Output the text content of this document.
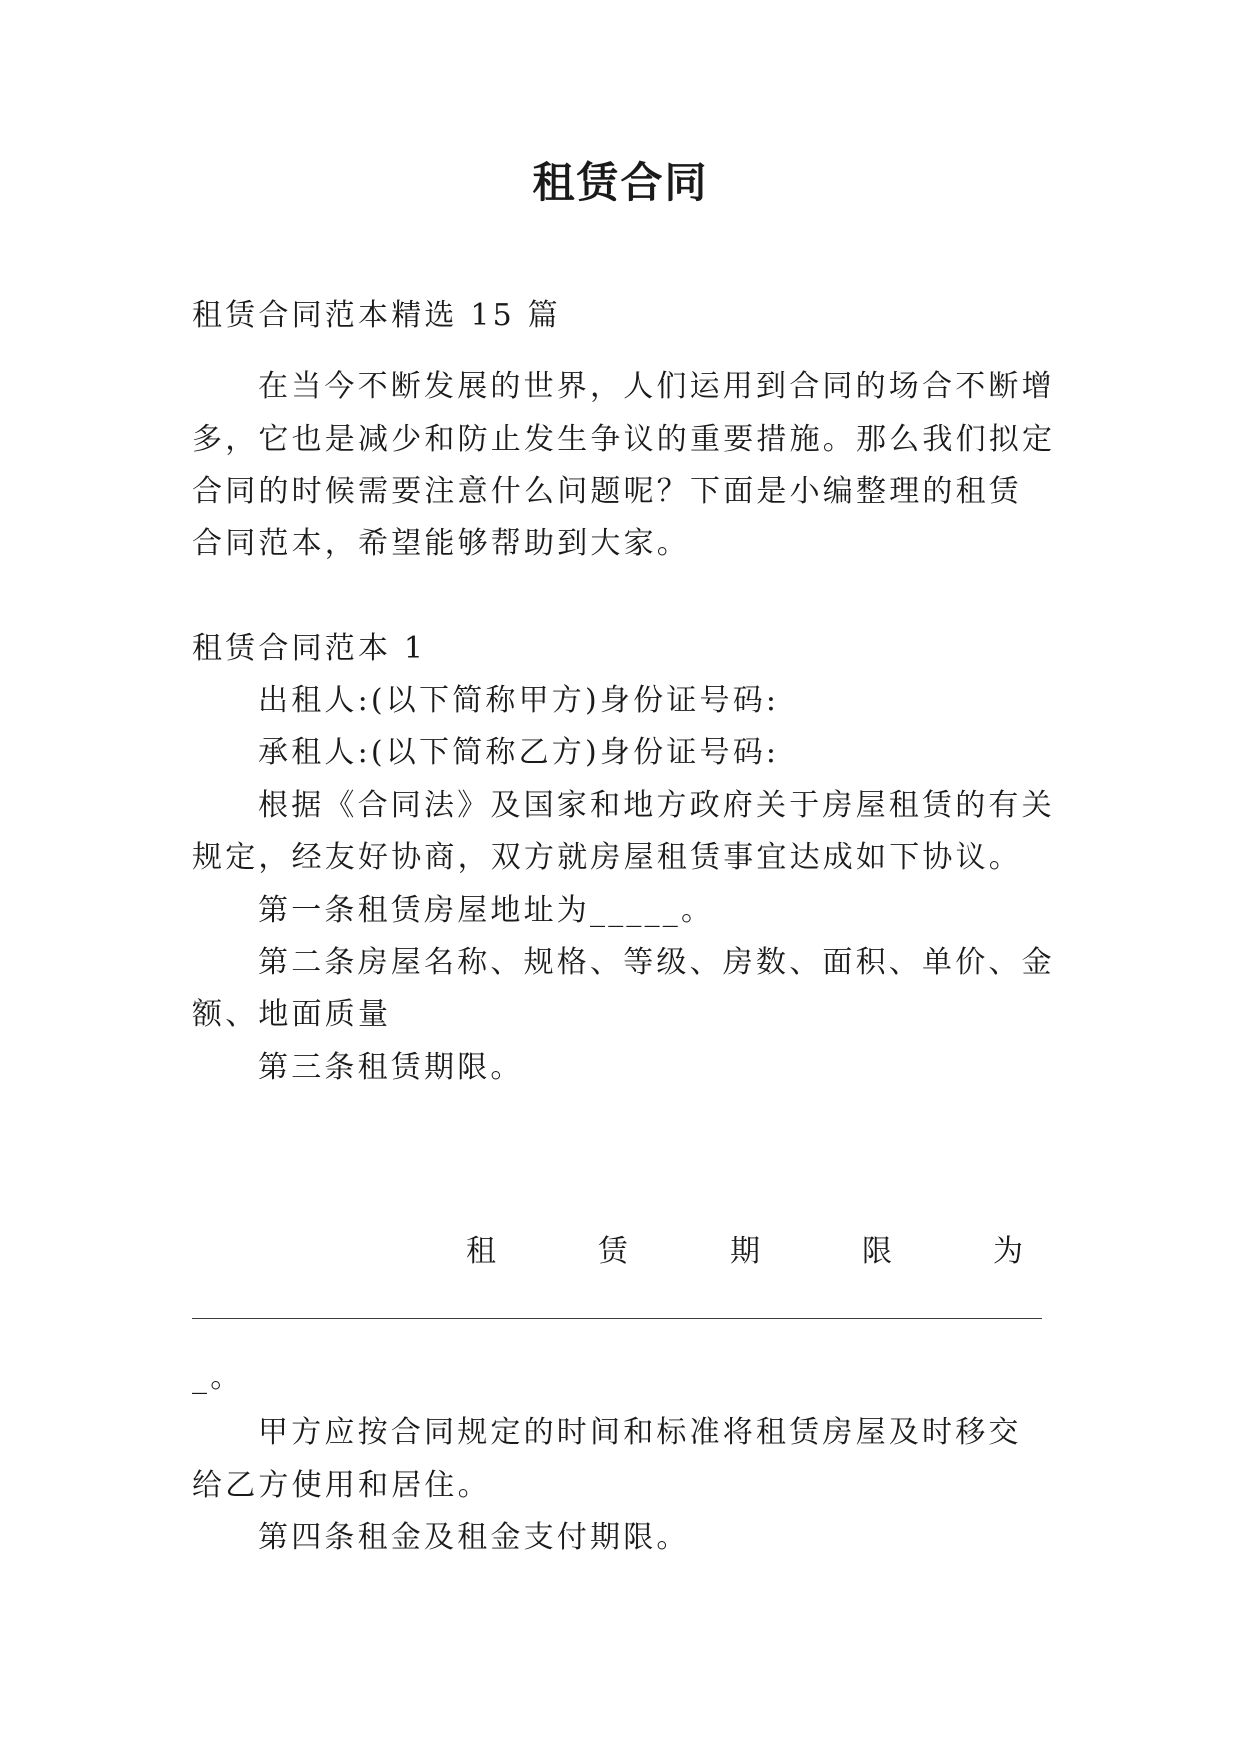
租赁合同
租赁合同范本精选 15 篇
在当今不断发展的世界，人们运用到合同的场合不断增
多，它也是减少和防止发生争议的重要措施。那么我们拟定
合同的时候需要注意什么问题呢？下面是小编整理的租赁
合同范本，希望能够帮助到大家。
租赁合同范本 1
出租人:(以下简称甲方)身份证号码:
承租人:(以下简称乙方)身份证号码:
根据《合同法》及国家和地方政府关于房屋租赁的有关
规定，经友好协商，双方就房屋租赁事宜达成如下协议。
第一条租赁房屋地址为_____。
第二条房屋名称、规格、等级、房数、面积、单价、金
额、地面质量
第三条租赁期限。
租	赁	期	限	为
_。
甲方应按合同规定的时间和标准将租赁房屋及时移交
给乙方使用和居住。
第四条租金及租金支付期限。
